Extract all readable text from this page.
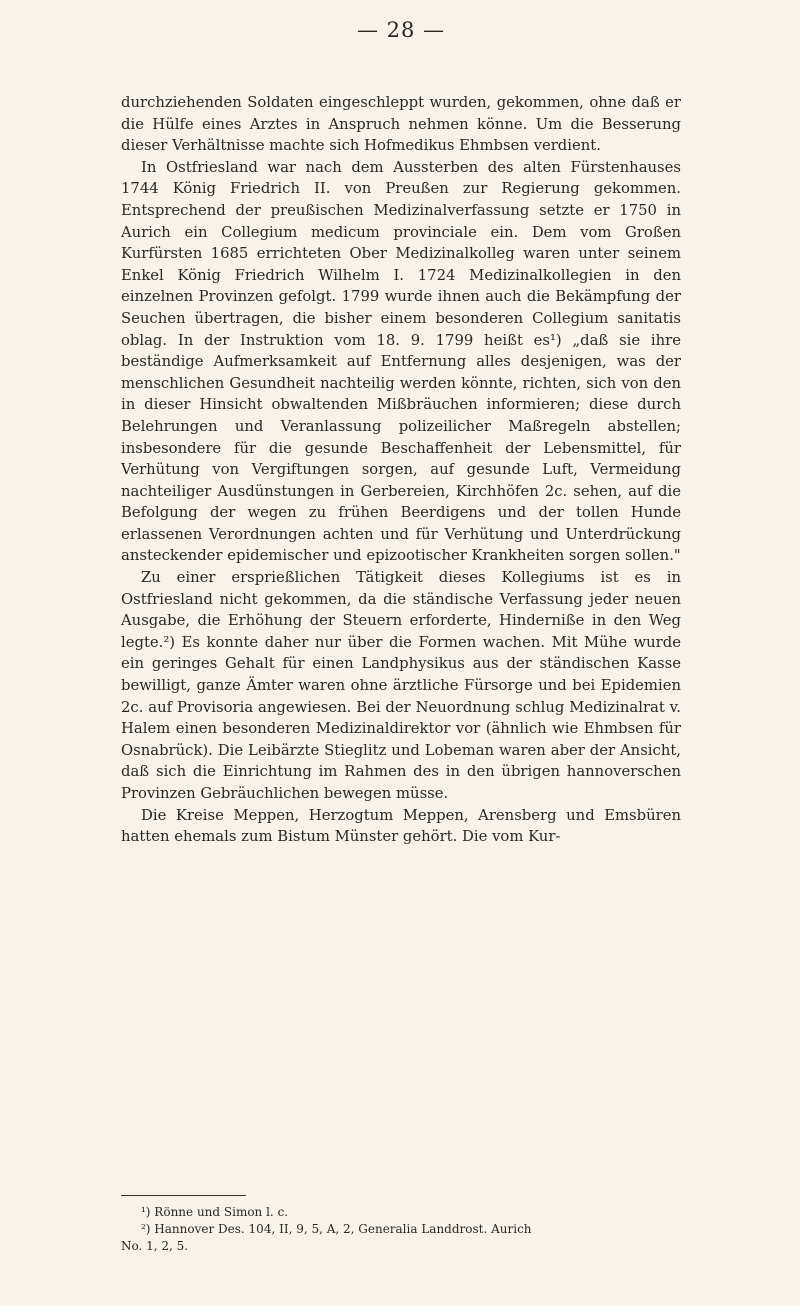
— 28 —

durchziehenden Soldaten eingeschleppt wurden, gekommen, ohne daß er die Hülfe eines Arztes in Anspruch nehmen könne. Um die Besserung dieser Verhältnisse machte sich Hofmedikus Ehmbsen verdient.

In Ostfriesland war nach dem Aussterben des alten Fürstenhauses 1744 König Friedrich II. von Preußen zur Regierung gekommen. Entsprechend der preußischen Medizinalverfassung setzte er 1750 in Aurich ein Collegium medicum provinciale ein. Dem vom Großen Kurfürsten 1685 errichteten Ober Medizinalkolleg waren unter seinem Enkel König Friedrich Wilhelm I. 1724 Medizinalkollegien in den einzelnen Provinzen gefolgt. 1799 wurde ihnen auch die Bekämpfung der Seuchen übertragen, die bisher einem besonderen Collegium sanitatis oblag. In der Instruktion vom 18. 9. 1799 heißt es¹) „daß sie ihre beständige Aufmerksamkeit auf Entfernung alles desjenigen, was der menschlichen Gesundheit nachteilig werden könnte, richten, sich von den in dieser Hinsicht obwaltenden Mißbräuchen informieren; diese durch Belehrungen und Veranlassung polizeilicher Maßregeln abstellen; insbesondere für die gesunde Beschaffenheit der Lebensmittel, für Verhütung von Vergiftungen sorgen, auf gesunde Luft, Vermeidung nachteiliger Ausdünstungen in Gerbereien, Kirchhöfen 2c. sehen, auf die Befolgung der wegen zu frühen Beerdigens und der tollen Hunde erlassenen Verordnungen achten und für Verhütung und Unterdrückung ansteckender epidemischer und epizootischer Krankheiten sorgen sollen."

Zu einer ersprießlichen Tätigkeit dieses Kollegiums ist es in Ostfriesland nicht gekommen, da die ständische Verfassung jeder neuen Ausgabe, die Erhöhung der Steuern erforderte, Hinderniße in den Weg legte.²) Es konnte daher nur über die Formen wachen. Mit Mühe wurde ein geringes Gehalt für einen Landphysikus aus der ständischen Kasse bewilligt, ganze Ämter waren ohne ärztliche Fürsorge und bei Epidemien 2c. auf Provisoria angewiesen. Bei der Neuordnung schlug Medizinalrat v. Halem einen besonderen Medizinaldirektor vor (ähnlich wie Ehmbsen für Osnabrück). Die Leibärzte Stieglitz und Lobeman waren aber der Ansicht, daß sich die Einrichtung im Rahmen des in den übrigen hannoverschen Provinzen Gebräuchlichen bewegen müsse.

Die Kreise Meppen, Herzogtum Meppen, Arensberg und Emsbüren hatten ehemals zum Bistum Münster gehört. Die vom Kur-

¹) Rönne und Simon l. c.

²) Hannover Des. 104, II, 9, 5, A, 2, Generalia Landdrost. Aurich

No. 1, 2, 5.
